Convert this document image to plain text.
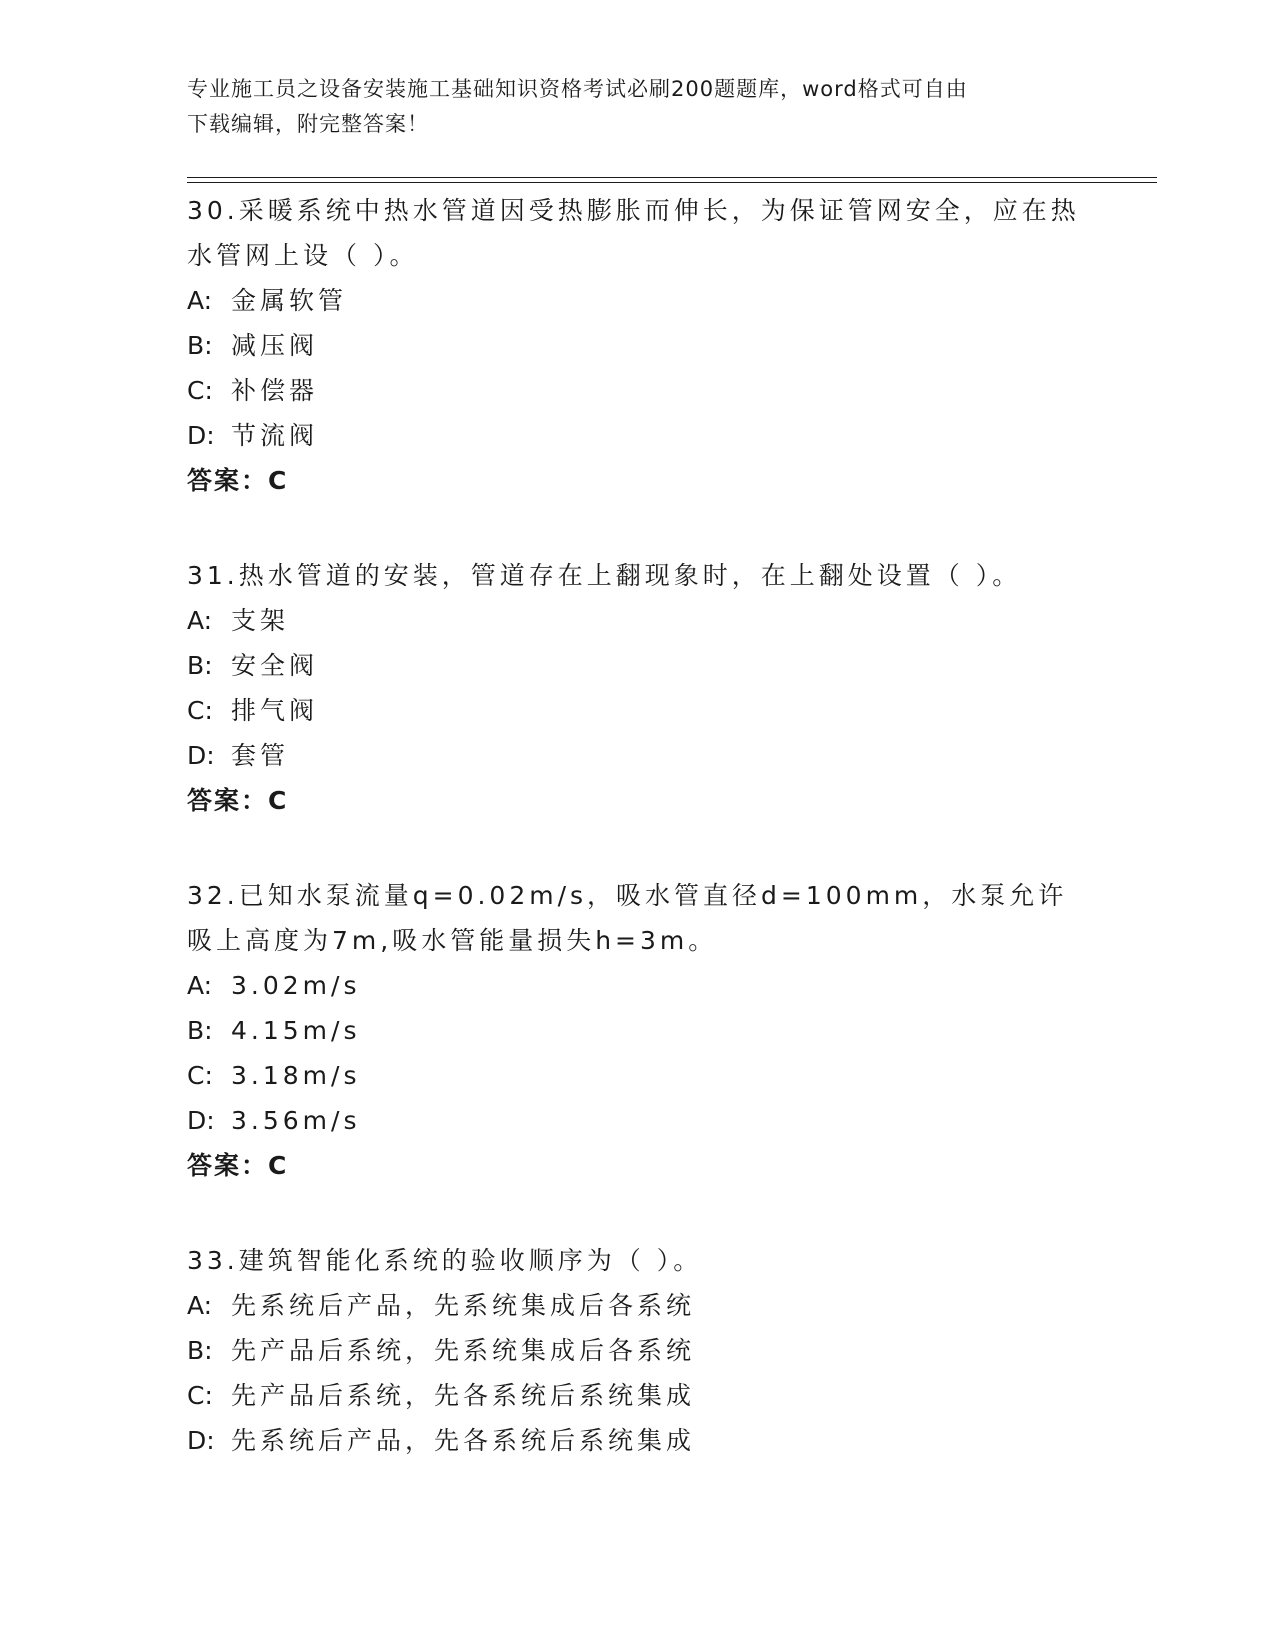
专业施工员之设备安装施工基础知识资格考试必刷200题题库，word格式可自由
下载编辑，附完整答案！

30.采暖系统中热水管道因受热膨胀而伸长，为保证管网安全，应在热水管网上设（ ）。

A: 金属软管

B: 减压阀

C: 补偿器

D: 节流阀

答案：C

31.热水管道的安装，管道存在上翻现象时，在上翻处设置（ ）。

A: 支架

B: 安全阀

C: 排气阀

D: 套管

答案：C

32.已知水泵流量q=0.02m/s，吸水管直径d=100mm，水泵允许吸上高度为7m,吸水管能量损失h=3m。

A: 3.02m/s

B: 4.15m/s

C: 3.18m/s

D: 3.56m/s

答案：C

33.建筑智能化系统的验收顺序为（ ）。

A: 先系统后产品，先系统集成后各系统

B: 先产品后系统，先系统集成后各系统

C: 先产品后系统，先各系统后系统集成

D: 先系统后产品，先各系统后系统集成
